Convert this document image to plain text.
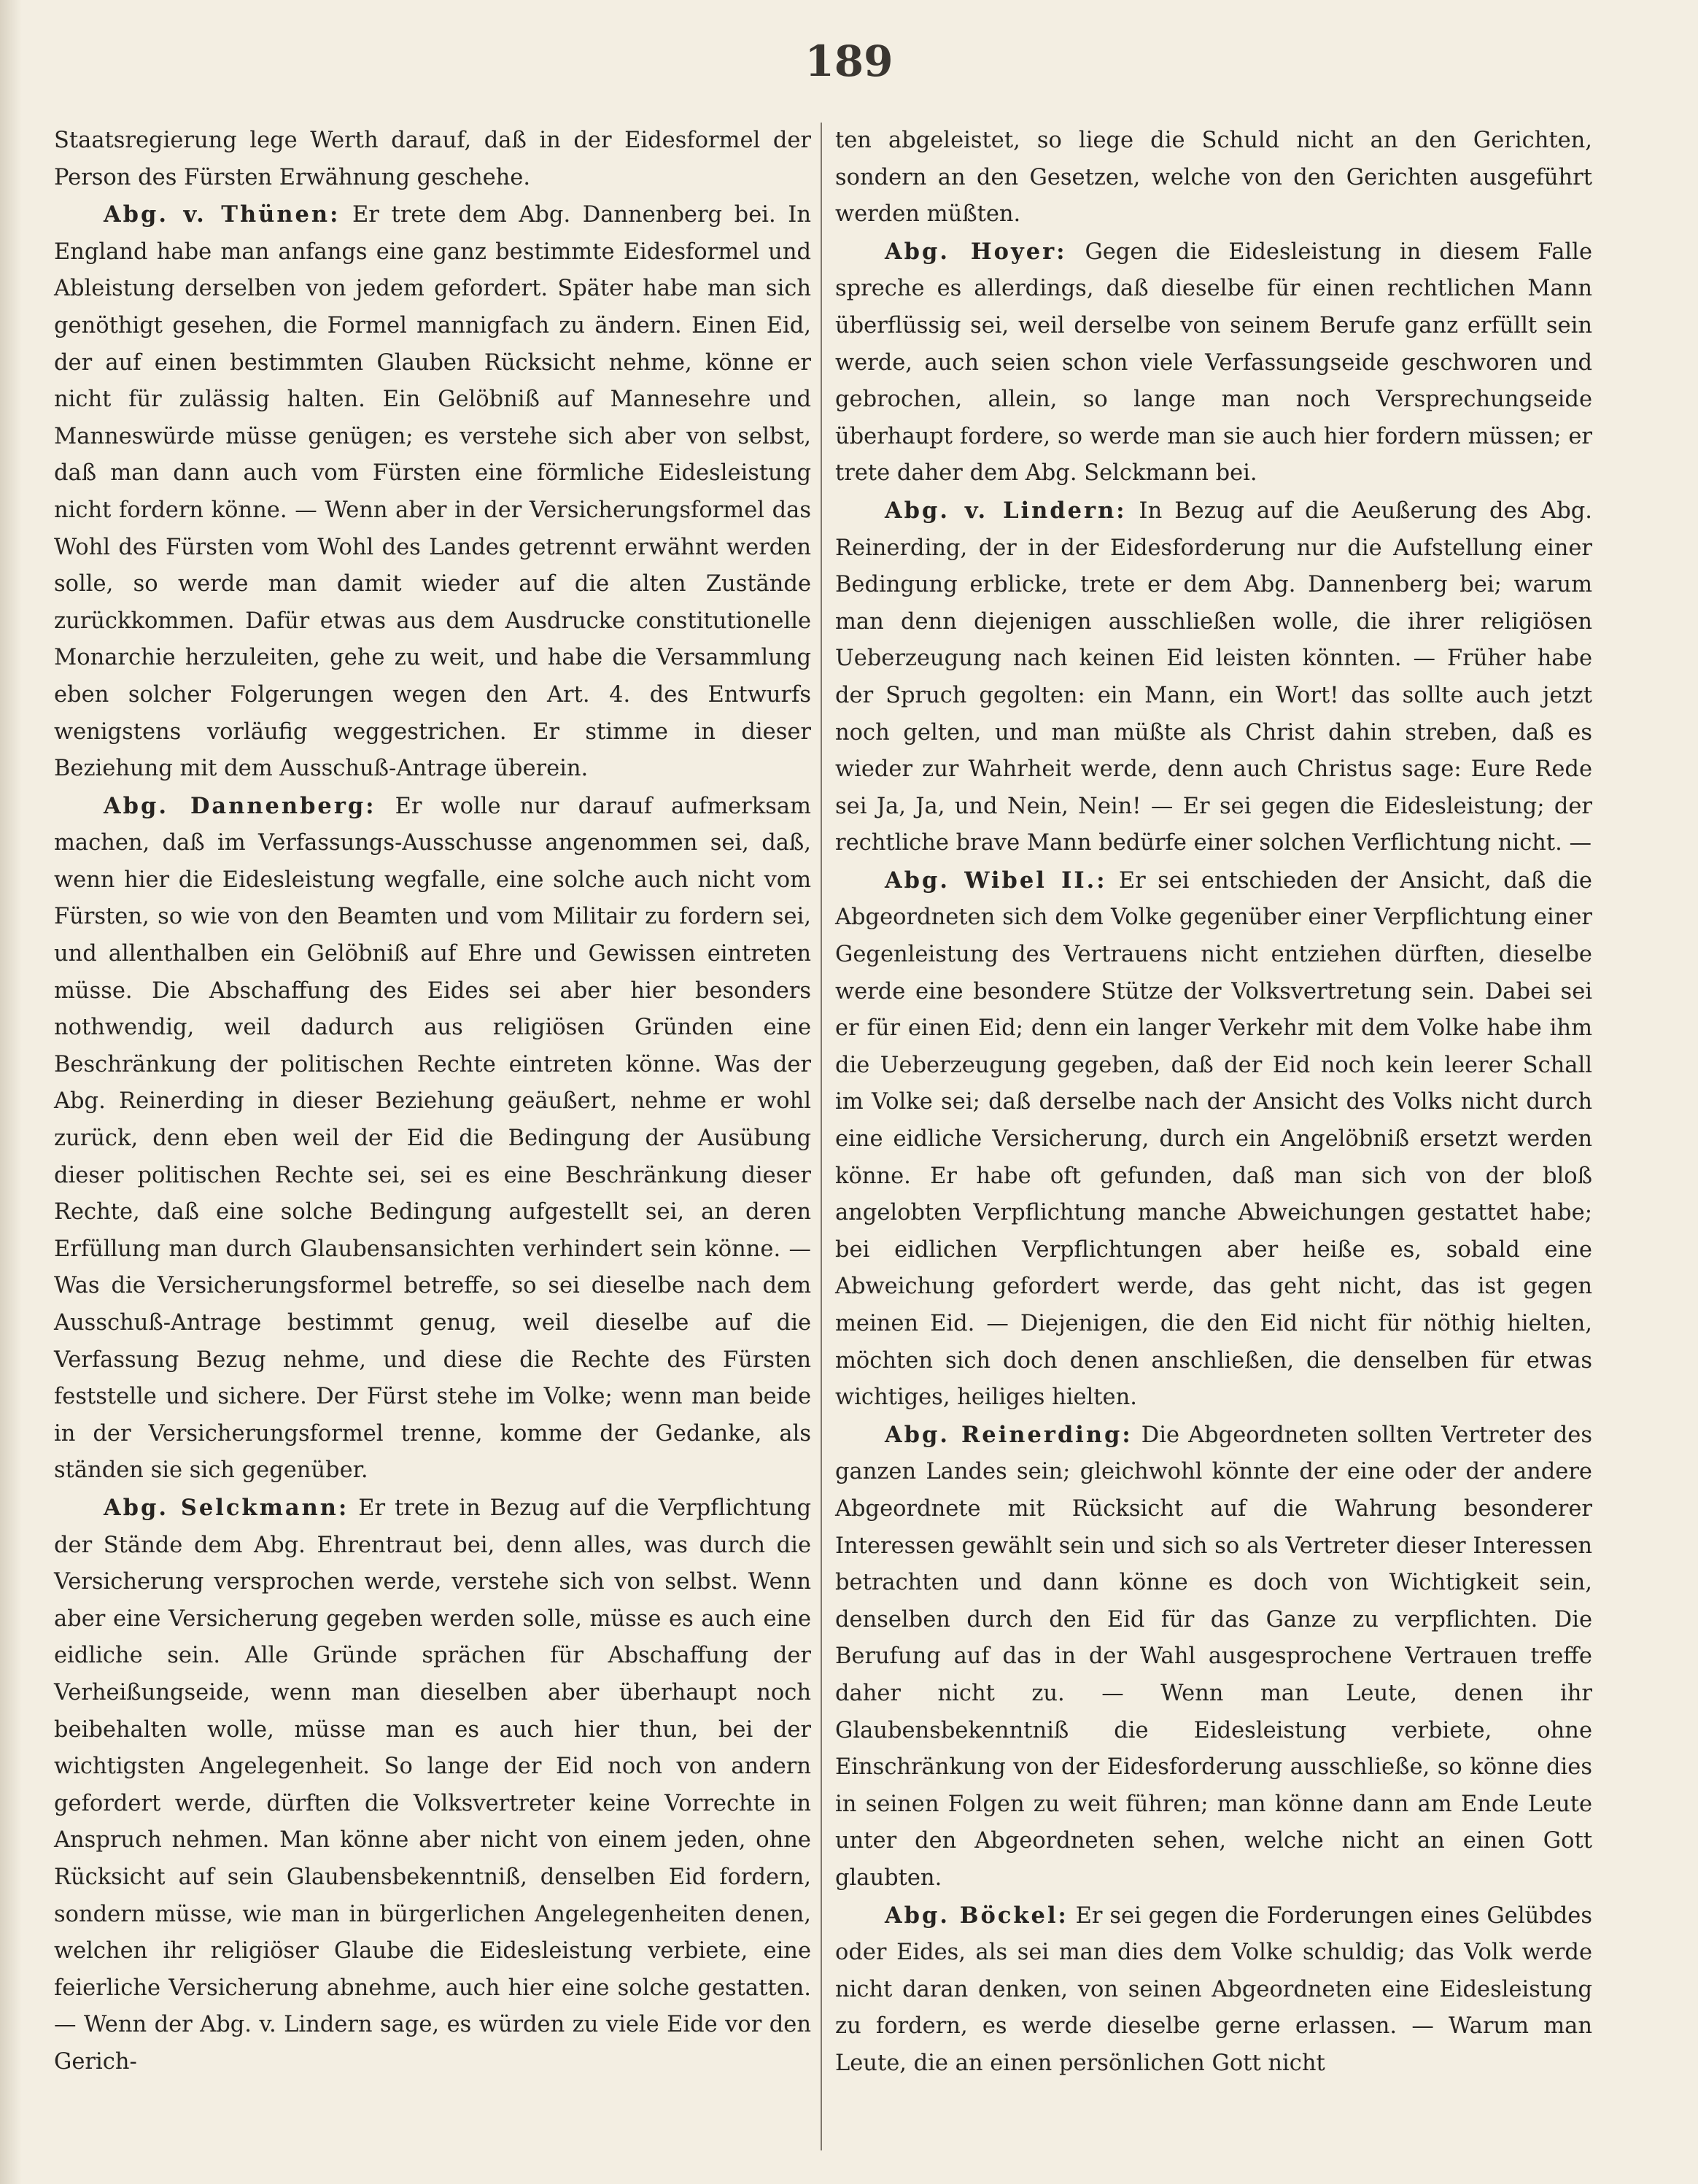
189

Staatsregierung lege Werth darauf, daß in der Eidesformel der Person des Fürsten Erwähnung geschehe.

Abg. v. Thünen: Er trete dem Abg. Dannenberg bei. In England habe man anfangs eine ganz bestimmte Eidesformel und Ableistung derselben von jedem gefordert. Später habe man sich genöthigt gesehen, die Formel mannigfach zu ändern. Einen Eid, der auf einen bestimmten Glauben Rücksicht nehme, könne er nicht für zulässig halten. Ein Gelöbniß auf Mannesehre und Manneswürde müsse genügen; es verstehe sich aber von selbst, daß man dann auch vom Fürsten eine förmliche Eidesleistung nicht fordern könne. — Wenn aber in der Versicherungsformel das Wohl des Fürsten vom Wohl des Landes getrennt erwähnt werden solle, so werde man damit wieder auf die alten Zustände zurückkommen. Dafür etwas aus dem Ausdrucke constitutionelle Monarchie herzuleiten, gehe zu weit, und habe die Versammlung eben solcher Folgerungen wegen den Art. 4. des Entwurfs wenigstens vorläufig weggestrichen. Er stimme in dieser Beziehung mit dem Ausschuß-Antrage überein.

Abg. Dannenberg: Er wolle nur darauf aufmerksam machen, daß im Verfassungs-Ausschusse angenommen sei, daß, wenn hier die Eidesleistung wegfalle, eine solche auch nicht vom Fürsten, so wie von den Beamten und vom Militair zu fordern sei, und allenthalben ein Gelöbniß auf Ehre und Gewissen eintreten müsse. Die Abschaffung des Eides sei aber hier besonders nothwendig, weil dadurch aus religiösen Gründen eine Beschränkung der politischen Rechte eintreten könne. Was der Abg. Reinerding in dieser Beziehung geäußert, nehme er wohl zurück, denn eben weil der Eid die Bedingung der Ausübung dieser politischen Rechte sei, sei es eine Beschränkung dieser Rechte, daß eine solche Bedingung aufgestellt sei, an deren Erfüllung man durch Glaubensansichten verhindert sein könne. — Was die Versicherungsformel betreffe, so sei dieselbe nach dem Ausschuß-Antrage bestimmt genug, weil dieselbe auf die Verfassung Bezug nehme, und diese die Rechte des Fürsten feststelle und sichere. Der Fürst stehe im Volke; wenn man beide in der Versicherungsformel trenne, komme der Gedanke, als ständen sie sich gegenüber.

Abg. Selckmann: Er trete in Bezug auf die Verpflichtung der Stände dem Abg. Ehrentraut bei, denn alles, was durch die Versicherung versprochen werde, verstehe sich von selbst. Wenn aber eine Versicherung gegeben werden solle, müsse es auch eine eidliche sein. Alle Gründe sprächen für Abschaffung der Verheißungseide, wenn man dieselben aber überhaupt noch beibehalten wolle, müsse man es auch hier thun, bei der wichtigsten Angelegenheit. So lange der Eid noch von andern gefordert werde, dürften die Volksvertreter keine Vorrechte in Anspruch nehmen. Man könne aber nicht von einem jeden, ohne Rücksicht auf sein Glaubensbekenntniß, denselben Eid fordern, sondern müsse, wie man in bürgerlichen Angelegenheiten denen, welchen ihr religiöser Glaube die Eidesleistung verbiete, eine feierliche Versicherung abnehme, auch hier eine solche gestatten. — Wenn der Abg. v. Lindern sage, es würden zu viele Eide vor den Gerich-

ten abgeleistet, so liege die Schuld nicht an den Gerichten, sondern an den Gesetzen, welche von den Gerichten ausgeführt werden müßten.

Abg. Hoyer: Gegen die Eidesleistung in diesem Falle spreche es allerdings, daß dieselbe für einen rechtlichen Mann überflüssig sei, weil derselbe von seinem Berufe ganz erfüllt sein werde, auch seien schon viele Verfassungseide geschworen und gebrochen, allein, so lange man noch Versprechungseide überhaupt fordere, so werde man sie auch hier fordern müssen; er trete daher dem Abg. Selckmann bei.

Abg. v. Lindern: In Bezug auf die Aeußerung des Abg. Reinerding, der in der Eidesforderung nur die Aufstellung einer Bedingung erblicke, trete er dem Abg. Dannenberg bei; warum man denn diejenigen ausschließen wolle, die ihrer religiösen Ueberzeugung nach keinen Eid leisten könnten. — Früher habe der Spruch gegolten: ein Mann, ein Wort! das sollte auch jetzt noch gelten, und man müßte als Christ dahin streben, daß es wieder zur Wahrheit werde, denn auch Christus sage: Eure Rede sei Ja, Ja, und Nein, Nein! — Er sei gegen die Eidesleistung; der rechtliche brave Mann bedürfe einer solchen Verflichtung nicht. —

Abg. Wibel II.: Er sei entschieden der Ansicht, daß die Abgeordneten sich dem Volke gegenüber einer Verpflichtung einer Gegenleistung des Vertrauens nicht entziehen dürften, dieselbe werde eine besondere Stütze der Volksvertretung sein. Dabei sei er für einen Eid; denn ein langer Verkehr mit dem Volke habe ihm die Ueberzeugung gegeben, daß der Eid noch kein leerer Schall im Volke sei; daß derselbe nach der Ansicht des Volks nicht durch eine eidliche Versicherung, durch ein Angelöbniß ersetzt werden könne. Er habe oft gefunden, daß man sich von der bloß angelobten Verpflichtung manche Abweichungen gestattet habe; bei eidlichen Verpflichtungen aber heiße es, sobald eine Abweichung gefordert werde, das geht nicht, das ist gegen meinen Eid. — Diejenigen, die den Eid nicht für nöthig hielten, möchten sich doch denen anschließen, die denselben für etwas wichtiges, heiliges hielten.

Abg. Reinerding: Die Abgeordneten sollten Vertreter des ganzen Landes sein; gleichwohl könnte der eine oder der andere Abgeordnete mit Rücksicht auf die Wahrung besonderer Interessen gewählt sein und sich so als Vertreter dieser Interessen betrachten und dann könne es doch von Wichtigkeit sein, denselben durch den Eid für das Ganze zu verpflichten. Die Berufung auf das in der Wahl ausgesprochene Vertrauen treffe daher nicht zu. — Wenn man Leute, denen ihr Glaubensbekenntniß die Eidesleistung verbiete, ohne Einschränkung von der Eidesforderung ausschließe, so könne dies in seinen Folgen zu weit führen; man könne dann am Ende Leute unter den Abgeordneten sehen, welche nicht an einen Gott glaubten.

Abg. Böckel: Er sei gegen die Forderungen eines Gelübdes oder Eides, als sei man dies dem Volke schuldig; das Volk werde nicht daran denken, von seinen Abgeordneten eine Eidesleistung zu fordern, es werde dieselbe gerne erlassen. — Warum man Leute, die an einen persönlichen Gott nicht
